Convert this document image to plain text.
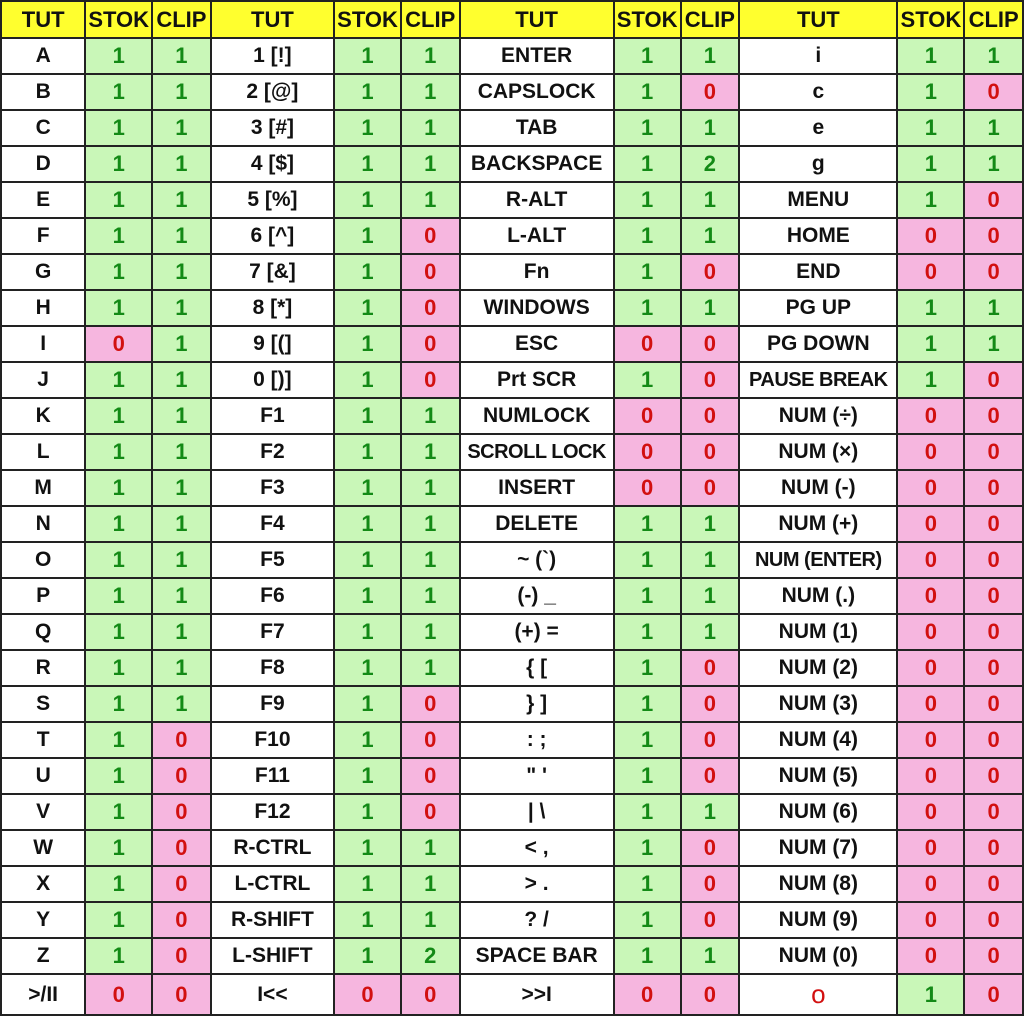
TUT	STOK	CLIP	TUT	STOK	CLIP	TUT	STOK	CLIP	TUT	STOK	CLIP
A	1	1	1 [!]	1	1	ENTER	1	1	i	1	1
B	1	1	2 [@]	1	1	CAPSLOCK	1	0	c	1	0
C	1	1	3 [#]	1	1	TAB	1	1	e	1	1
D	1	1	4 [$]	1	1	BACKSPACE	1	2	g	1	1
E	1	1	5 [%]	1	1	R-ALT	1	1	MENU	1	0
F	1	1	6 [^]	1	0	L-ALT	1	1	HOME	0	0
G	1	1	7 [&]	1	0	Fn	1	0	END	0	0
H	1	1	8 [*]	1	0	WINDOWS	1	1	PG UP	1	1
I	0	1	9 [(]	1	0	ESC	0	0	PG DOWN	1	1
J	1	1	0 [)]	1	0	Prt SCR	1	0	PAUSE BREAK	1	0
K	1	1	F1	1	1	NUMLOCK	0	0	NUM (÷)	0	0
L	1	1	F2	1	1	SCROLL LOCK	0	0	NUM (×)	0	0
M	1	1	F3	1	1	INSERT	0	0	NUM (-)	0	0
N	1	1	F4	1	1	DELETE	1	1	NUM (+)	0	0
O	1	1	F5	1	1	~ (`)	1	1	NUM (ENTER)	0	0
P	1	1	F6	1	1	(-) _	1	1	NUM (.)	0	0
Q	1	1	F7	1	1	(+) =	1	1	NUM (1)	0	0
R	1	1	F8	1	1	{ [	1	0	NUM (2)	0	0
S	1	1	F9	1	0	} ]	1	0	NUM (3)	0	0
T	1	0	F10	1	0	: ;	1	0	NUM (4)	0	0
U	1	0	F11	1	0	" '	1	0	NUM (5)	0	0
V	1	0	F12	1	0	| \	1	1	NUM (6)	0	0
W	1	0	R-CTRL	1	1	< ,	1	0	NUM (7)	0	0
X	1	0	L-CTRL	1	1	> .	1	0	NUM (8)	0	0
Y	1	0	R-SHIFT	1	1	? /	1	0	NUM (9)	0	0
Z	1	0	L-SHIFT	1	2	SPACE BAR	1	1	NUM (0)	0	0
>/II	0	0	I<<	0	0	>>I	0	0	o	1	0
